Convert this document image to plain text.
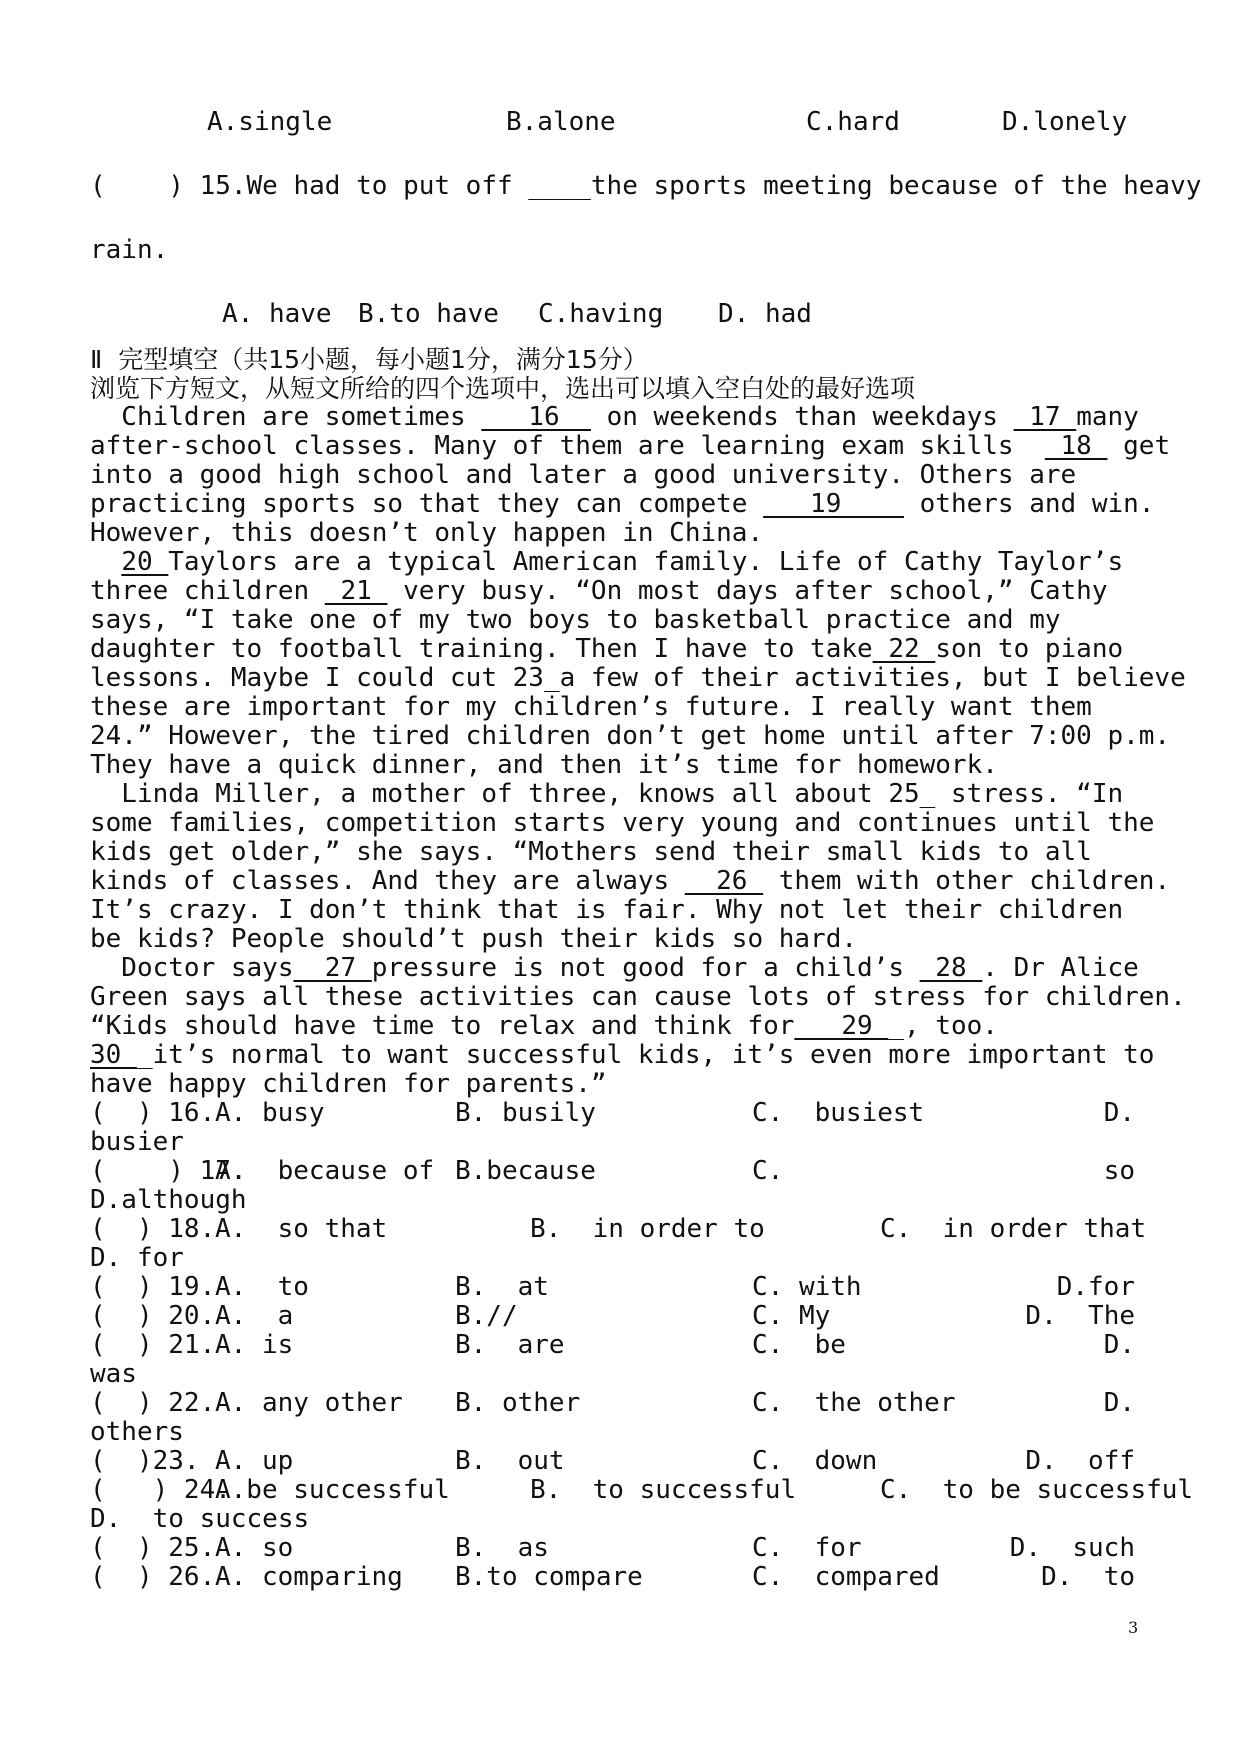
A.single	B.alone	C.hard	D.lonely
(    ) 15.We had to put off ____the sports meeting because of the heavy
rain.
A. have B.to have C.having D. had
Ⅱ  完型填空（共15小题，每小题1分，满分15分）
浏览下方短文，从短文所给的四个选项中，选出可以填入空白处的最好选项
Children are sometimes ___16__ on weekends than weekdays _17_many
after-school classes. Many of them are learning exam skills  _18_ get
into a good high school and later a good university. Others are
practicing sports so that they can compete ___19____ others and win.
However, this doesn’t only happen in China.
20_Taylors are a typical American family. Life of Cathy Taylor’s
three children _21_ very busy. “On most days after school,” Cathy
says, “I take one of my two boys to basketball practice and my
daughter to football training. Then I have to take_22_son to piano
lessons. Maybe I could cut 23_a few of their activities, but I believe
these are important for my children’s future. I really want them
24.” However, the tired children don’t get home until after 7:00 p.m.
They have a quick dinner, and then it’s time for homework.
Linda Miller, a mother of three, knows all about 25_ stress. “In
some families, competition starts very young and continues until the
kids get older,” she says. “Mothers send their small kids to all
kinds of classes. And they are always __26_ them with other children.
It’s crazy. I don’t think that is fair. Why not let their children
be kids? People should’t push their kids so hard.
Doctor says__27_pressure is not good for a child’s _28_. Dr Alice
Green says all these activities can cause lots of stress for children.
“Kids should have time to relax and think for___29__, too.
30__it’s normal to want successful kids, it’s even more important to
have happy children for parents.”
(  ) 16. A. busy	B. busily	C.  busiest	D.
busier
(    ) 17.
A.  because of B.because	C.	so
D.although
(  ) 18. A.  so that	B.  in order to	C.  in order that
D. for
(  ) 19. A.  to	B.  at	C. with	D.for
(  ) 20. A.  a	B.//	C. My	D.  The
(  ) 21. A. is	B.  are	C.  be	D.
was
(  ) 22. A. any other B. other	C.  the other	D.
others
(  )23. A. up	B.  out	C.  down	D.  off
(   ) 24.
A.be successful	B.  to successful	C.  to be successful
D.  to success
(  ) 25. A. so	B.  as	C.  for	D.  such
(  ) 26. A. comparing B.to compare	C.  compared	D.  to
3
